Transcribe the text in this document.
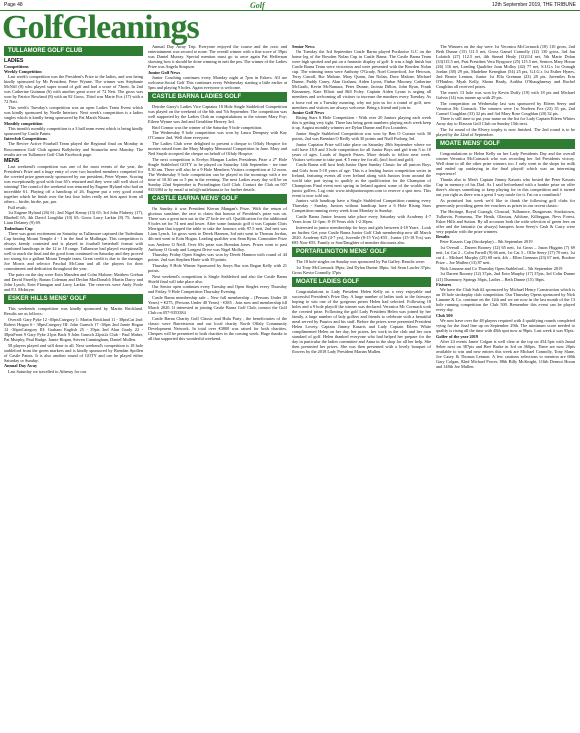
Page 48	Golf	12th September 2019, THE TRIBUNE
GolfGleanings
TULLAMORE GOLF CLUB
LADIES
Competitions
Weekly Competition

Last week's competition was the President's Prize to the ladies, and was being kindly sponsored by Mr President, Peter Wynne. The winner was Stephanie McNiff (8) who played super round of golf and had a score of 73nett. In 2nd was Catherine Guinnan (6) with another great score of 72 Nett. The gross was won by Patrice Rowland (8) with an 82 Gross. Third was Marie Fox (17) with a 72 Nett.

This week's Tuesday's competition was an open Ladies Team Event which was kindly sponsored by Noelle Interiors. Next week's competition is a ladies singles which is kindly being sponsored by Pat Marsh Nissan.

Monthly competition

This month's monthly competition is a 3 ball team event which is being kindly sponsored by Castle Paints.

Interclub Competitions

The Revive Active Fourball Team played the Regional final on Monday in Roscommon Golf Club against Ballyboley and Stranorlar next Monday. The results are on Tullamore Golf Club Facebook page.

MENS

Last weekend's competition was one of the most events of the year, the President's Prize and a huge entry of over two hundred members competed for the coveted prize generously sponsored by our president, Peter Wynne. Scoring was exceptionally good with four 65's returned and they were still well short of winning! The round of the weekend was returned by Eugene Hyland who had an incredible 61. Playing off a handicap of 26, Eugene put a very good round together which he finish over the last four holes really set him apart from all others – birdie, birdie, par, par.

Full result;

1st Eugene Hyland (26) 61; 2nd Nigel Kenny (13) 65; 3rd John Flaherty (17), Bluebell 65; 4th David Loughlin (10) 65; Gross Larry Larkin (8) 75; Junior Liam Delaney (9) 69.

Tudenham Cup

There was great excitement on Saturday as Tullamore captured the Tudenham Cup beating Mount Temple 4 - 1 in the final in Mullingar. This competition is always keenly contested and is played in fourball betterball format with combined handicaps in the 12 to 18 range. Tullamore had played exceptionally well to reach the final and the good form continued on Saturday and they proved too strong for a gallant Mount Temple team. Great credit is due to the manager Joe Morris and selector Paschal McCann and all the players for their commitment and dedication throughout the year.

The pairs on the day were Eoin Marsden and Colm Malone; Matthew Grehan and David Farrelly; Ronan Coleman and Declan MacDonald; Martin Darcy and John Lynch, Eoin Flanagan and Larry Larkin. The reserves were Andy Poole and P.J. McIntyre.

ESKER HILLS MENS' GOLF

This weekends competition was kindly sponsored by Martin Brickland. Results are as follows:

Overall: Gary Pyke 12 -40ptsCategory 1: Martin Brickland 11 - 38ptsCat 2nd: Robert Hogan 6 - 38ptsCategory III: John Gunsch 17 -38pts 2nd Jamie Hogan 12 -36ptsCategory III: Graham English 25 - 39pts 2nd Alan Grady 22 - 38ptsFront 9 Gary Pyke 21pts Back 9 John Gunsch 22pts2s Club - Paul Maher, Pat Murphy, Paul Rudge, Jamie Hogan, Steven Cunningham, Daniel Mollen.

58 players played and will done to all. Next weekend's competition is 18 hole stableford from the green markers and is kindly sponsored by Brendan Spollen of Castle Paints. It is also another round of GOTY and can be played either Saturday or Sunday.

Annual Day Away

Last Saturday we travelled to Athenry for our

Annual Day Away Trip. Everyone enjoyed the course and the craic and entertainment was second to none. The overall winner with a fine score of 39pts was Daniel Murray. Special mention must go to once again Pat Heffernan showing how it should be done winning in nett the pm. The winner of the Ladies Prize was Angela Simpson.

Junior Golf News

Junior Coaching continues every Monday night at 7pm in Eskers. All are welcome.Social Golf This continues every Wednesday starting a little earlier at 5pm and playing 9 holes. Again everyone is welcome.

CASTLE BARNA LADIES GOLF

Deirdre Garry's Ladies Vice Captains 18 Hole Single Stableford Competition was played on the weekend of the 6th and 7th September. The competition was well supported by the Ladies Club an congratulations to the winner Mary Foy; Eileen Wynne was 2nd and Geraldine Heavey 3rd.

Brid Connor was the winner of the Saturday 9 hole competition.

The Wednesday 9 hole competition was won by Laura Dempsey with Kay O'Connor 2nd. Well done everyone.

The Ladies Club were delighted to present a cheque to Offaly Hospice for monies raised from the Mary Murphy Memorial Competition in June. Mary and Ned Smyth accepted the cheque on behalf of Offaly Hospice.

The next competition is Evelyn Mangan Ladies Presidents Prize a 2* Hole Single Stableford GOTY to be played on Saturday 14th September - tee time 8.30 am. There will also be a 9 Hole Members Visitors competition at 12 noon. The Wednesday 9 hole competition can be played in the mornings with a tee time of 10.30 am or 5 pm in the evening. The next Ladies away day will be on Sunday 22nd September to Portarlington Golf Club. Contact the Club on 057 9353384 or by email at info@castlebarna.ie for further details.

CASTLE BARNA MENS' GOLF

On Sunday it was President Kieran Mangan's Prize. With the return of glorious sunshine, the race to claim that honour of President's prize was on. There was a great turn out in the 27 hole tee off. Qualification for the additional 9 holes set for 74 nett and lower. After some fantastic golf it was Captain Chris Merrigan that topped the table to take the honours with 97.5 nett, 2nd nett was Liam Lynch, 1st gross went to Derek Hannon, 3rd nett went to Thomas Jordan, 4th nett went to Eoin Hogan. Leading qualifier was Sean Ryan. Committee Prize was Andrew O Neill. Over 65s prize was Brendan Jones. Prizes went to past Anthony O Grady and Longest Drive was Nigel Molloy.

Thursday Friday Open Singles was won by Derek Hannon with round of 44 points. 2nd was Stephen Harte with 39 points.

Thursday 9 Hole Winner Sponsored by Sezys Bar was Regan Kelly with 21 points.

Next weekend's competition is Single Stableford and also the Castle Barna Shield final will take place also.

Our Senior open continues every Tuesday and Open Singles every Thursday and Friday. 9 Hole Competition Thursday Evening.

Castle Barna membership sale – New full membership – (Persons Under 30 Years) = €275, (Persons Under 40 Years) - €385 . Join now and membership till March 2020. If interested in joining Castle Barna Golf Club, contact the Golf Club on 057-9353384

Castle Barna Charity Golf Classic and Hula Party , the beneficiaries of the classic were Barretstown and our local charity North Offaly Community Development Network. In total over €3800 was raised for both charities. Cheques will be presented to both charities in the coming week. Huge thanks to all that supported this wonderful weekend.

Senior News

On Tuesday the 3rd September Castle Barna played Portlaoise G.C on the home leg of the Bowden Nolan Cup in Castle Barna. The Castle Barna Team were high spirited and put on a fantastic display of golf. It was a high finish but Castle Barna Team were victorious and were presented with the Bowden Nolan cup. The winning team were Anthony O'Grady, Noel Comerford, Joe Hewson, Terry Carroll, Bor Malone, Mary Quinn, Jim Nolan, Dave Malone, Michael Dunne, Paddy Casey, Alan Graham, Aiden Lyons, Finbar Mooney, Catherine McGrath, Kevin McNamara, Peter Dunne, Jacinta Dillon, John Ryan, Frank Kinnarney, Kate Elliott and Bill Foley. Captain Aiden Lyons is urging all members and welcoming all visitors to increase the numbers every Tuesday. As a loose rod on a Tuesday morning, why not join us for a round of golf, new members and visitors are always welcome. Bring a friend and join in.

Junior Golf News

Rising Stars 6 Hole Competition - With over 20 Juniors playing each week this is getting very tight. There has being great numbers playing each week keep it up. August monthly winners are Dylan Dunne and Eva Lounders.

Junior Single Stableford Competition was won by Ben O Connor with 30 points, 2nd was Brendan O Reilly with 30 points and Niall Furlong 3rd.

Junior Captains Prize will take place on Saturday 28th September where we will have 18,9 and 3 hole competition for all Junior Boys and girl from 5 to 18 years of ages. Loads of Superb Prizes. More details to follow next week. Visitors welcome to take part. € 5 entry fee for all, (incl food and golf).

Castle Barna will host Irish Junior Open Sunday Classic for all juniors Boys and Girls from 5-18 years of age. This is a leading Junior competition series in Ireland, featuring events all over Ireland along with Juniors from around the world take part trying to qualify as the qualification for the Champion of Champions Final event next spring in Ireland against some of the worlds elite junior golfers. Log onto www.irishjuniorsopen.com to reserve a spot now. This event is now sold out.

Juniors with handicap have a Single Stableford Competition running every Thursday - Sunday. Juniors without handicap have a 6 Hole Rising Stars Competition running every week from Monday to Sunday.

Castle Barna Junior lessons take place every Saturday with Academy 4-7 Years from 12-1pm. 8-18 Years olds 1-2.30pm.

Interested in junior membership for boys and girls between 4-18 Years . Look no further. Get your Castle Barna Junior Golf Club membership now till March 2020. Academy €25 (4-7 yrs), Juvenile (8-15 Yrs) €55 , Junior (15-18 Yrs) was €85 Now €55. Family or Son/Daughter of member discounts also.

PORTARLINGTON MENS' GOLF

The 18 hole singles on Sunday was sponsored by Pat Gaffey. Results were:

1st Tony McCormack 39pts; 2nd Dylan Dunne 38pts; 3rd Sean Lawler 37pts; Gross Kevin Connolly 37pts

MOATE LADIES GOLF

Congratulations to Lady President Helen Kelly on a very enjoyable and successful President's Prize Day. A large number of ladies took to the fairways hoping to win one of the gorgeous prizes Helen had selected. Following 18 holes and a 9 hole playoff the winner was declared, Veronica Mc Cormack took the coveted prize. Following the golf Lady President Helen was joined by her family, a large number of lady golfers and friends to celebrate with a beautiful meal served by Paurics and his staff. Before the prizes were presented President Helen Lovety, Captain Jimmy Kasaris and Lady Captain Eileen White complimented Helen on her day, her prizes, her work in the club and her own standard of golf. Helen thanked everyone who had helped her prepare for the day in particular the ladies committee and Anna in the shop for all her help. She then presented her prizes. She was then presented with a lovely bouquet of flowers by the 2018 Lady President Marian Mullen.

The Winners on the day were 1st Veronica McCormack (18) 110 gross, 2nd Beth Dunne (15) 111.5 net, Gross Gamel Connolly (12) 130 gross, 3rd Jan Lolaitch (27) 112.5 net, 4th Sinead Healy (12)114 net, 5th Marie Dolan (33)115.5 net, Past President Vera Byrgrave (25) 115.5 net, Seniors Mary Horan (26) 116 net, Leading Qualifier Joan Molloy (42) 77 net, S.I.G.s 1st Oonagh Jordan (38) 29 pts, Madeline Keneghan (54) 25 pts, G.I.G.s 1st Esther Hynes, 2nd Bernie Lennon, Junior 1st Ella Grennan (23) 28 pts, Juveniles Erin O'Hanlon, Myah Kelly, Shona Brady, Aoibha O'Shaughnessy and Rachel Coughlan all received prizes.

The men's 13 hole was won by Kevin Duffy (19) with 18 pts and Michael Galvin (14) was runner up with 29 pts.

The competition on Wednesday last was sponsored by Eileen Seery and Veronica Mc Cormack. The winners were 1st Noeleen Fox (23) 35 pts, 2nd Carmel Coughlan (33) 32 pts and 3rd Mary Rose Coughlan (20) 32 pts.

There is still time to put your name on the list for Lady Captain Eileen Whites Away day to Elasson Golf Club on Sunday 15th next.

The 1st round of the Elvery trophy is now finished. The 2nd round is to be played by the 22nd of September.

MOATE MENS' GOLF

Congratulations to Helen Kelly on her Lady Presidents Day and the overall winner Veronica McCormack who was recording her 3rd Presidents victory. Well done to all the other prize winners too. I only went to the shops for milk and ended up outdaying in the final playoff which was an interesting experience!

Thanks also to Men's Captain Jimmy Kasaris who hosted the Peter Kasaris Cup in memory of his Dad. As I said beforehand with a bonbie prize on offer there's always something to keep playing for in this competition and it turned out you right as there was a great 3 way tussle for it. I'm on a countback!

As promised last week we'd like to thank the following golf clubs for generously providing green fee vouchers as prizes in our recent classic:

The Heritage, Royal Curragh, Cloncarl, Tullamore, Dungarvan, Stackstown, Tullarvin, Portumna, The Heath, Glasson, Athlone, Kilbeggan, Nevs Forest, Esker Hills and Sutton. By all accounts both the wide selection of green fees on offer and the fantastic (as always) hampers from Seery's Cash & Carry were very popular with the prize winners.

Results

Peter Kasaris Cup (Strokeplay) – 8th September 2019

1st Overall – Darren Rooney (12) 65 nett, 1st Gross – Jason Higgins (7) 69 nett, 1st Cat 2 – Colm Farrell (9) 66 nett, 1st Cat 3 – Ollie Seery (17) 70 nett, 1st cat 4 – Michael Murphy (25) 68 nett, 4th – Ellen Grennan (23) 67 nett, Booboe Prize – Joe Mullen (13) 87 nett.

Nick Linnane and Co Thursday Open Stableford – 5th September 2019

1st Darren Rooney (12) 37pts, 2nd Eoin Murphy (17) 37pts, 3rd Colin Dunne (21) Dunmurry Springs 36pts, Ladies – Beth Dunne (15) 36pts.

Fixtures

We have the Club Sub #2 sponsored by Michael Henry Construction which is an 18 hole strokeplay club competition. Our Thursday Opens sponsored by Nick Linnane & Co. continue on the 12th and we are now in the last month of the 13 hole running competition the Club 500. Remember this event can be played every day.

Club 500

We now have over the 48 players required with 4 qualifying rounds completed vying for the final line up on September 29th. The minimum score needed to qualify is rising all the time with 48th spot now at 96pts. Last week it was 95pts.

Golfer of the year 2019

After 24 events Jamie Colgan is well clear at the top on 454.5pts with Jamal Seber next on 387pts and Bert Burke in 3rd on 360pts. There are now 20pts available to win and new entries this week are Michael Connolly, Tony Slane, Joe Casey & Thomas Lennon. A few cautious selections to mention are 68th Gary Colgan, 82nd Michael Power, 88th Billy McKnight, 116th Dermot Horan and 148th Joe Mullen.
